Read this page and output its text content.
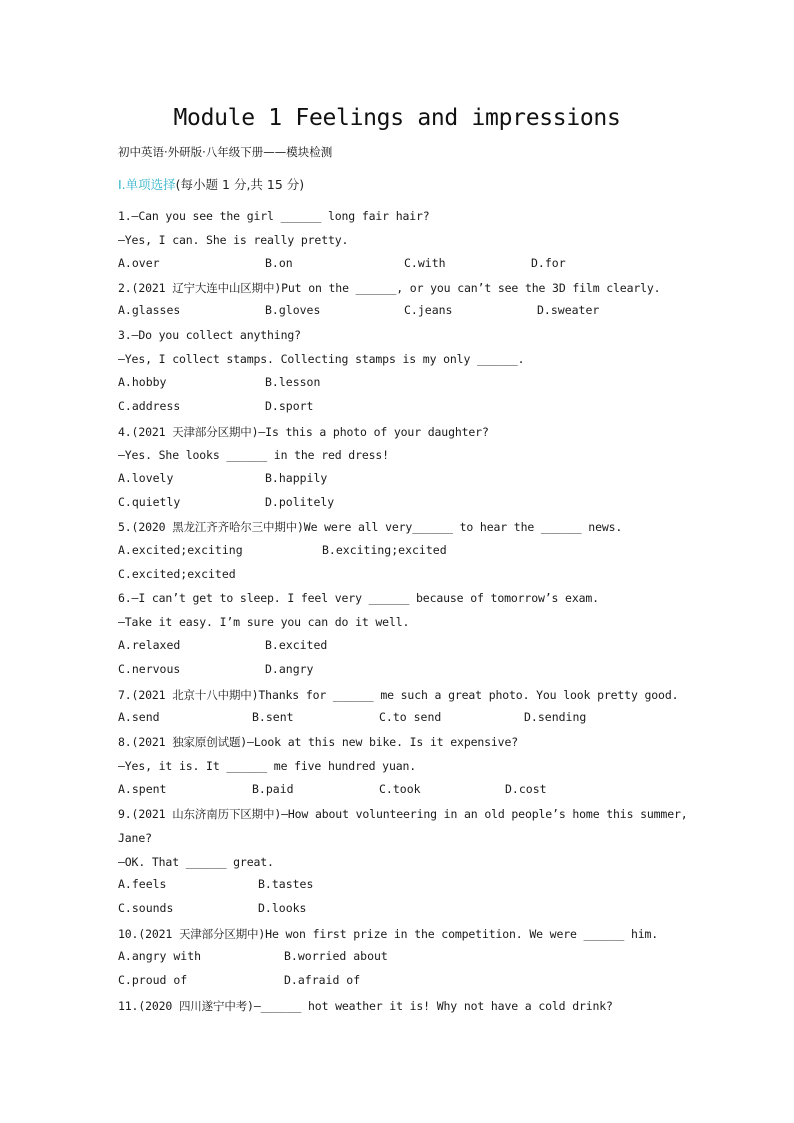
Module 1 Feelings and impressions
初中英语·外研版·八年级下册——模块检测
Ⅰ.单项选择(每小题 1 分,共 15 分)
1.—Can you see the girl ______ long fair hair?
—Yes, I can. She is really pretty.
A.over	B.on	C.with	D.for
2.(2021 辽宁大连中山区期中)Put on the ______, or you can’t see the 3D film clearly.
A.glasses	B.gloves	C.jeans	D.sweater
3.—Do you collect anything?
—Yes, I collect stamps. Collecting stamps is my only ______.
A.hobby	B.lesson
C.address	D.sport
4.(2021 天津部分区期中)—Is this a photo of your daughter?
—Yes. She looks ______ in the red dress!
A.lovely	B.happily
C.quietly	D.politely
5.(2020 黑龙江齐齐哈尔三中期中)We were all very______ to hear the ______ news.
A.excited;exciting	B.exciting;excited
C.excited;excited
6.—I can’t get to sleep. I feel very ______ because of tomorrow’s exam.
—Take it easy. I’m sure you can do it well.
A.relaxed	B.excited
C.nervous	D.angry
7.(2021 北京十八中期中)Thanks for ______ me such a great photo. You look pretty good.
A.send	B.sent	C.to send	D.sending
8.(2021 独家原创试题)—Look at this new bike. Is it expensive?
—Yes, it is. It ______ me five hundred yuan.
A.spent	B.paid	C.took	D.cost
9.(2021 山东济南历下区期中)—How about volunteering in an old people’s home this summer,
Jane?
—OK. That ______ great.
A.feels	B.tastes
C.sounds	D.looks
10.(2021 天津部分区期中)He won first prize in the competition. We were ______ him.
A.angry with	B.worried about
C.proud of	D.afraid of
11.(2020 四川遂宁中考)—______ hot weather it is! Why not have a cold drink?
